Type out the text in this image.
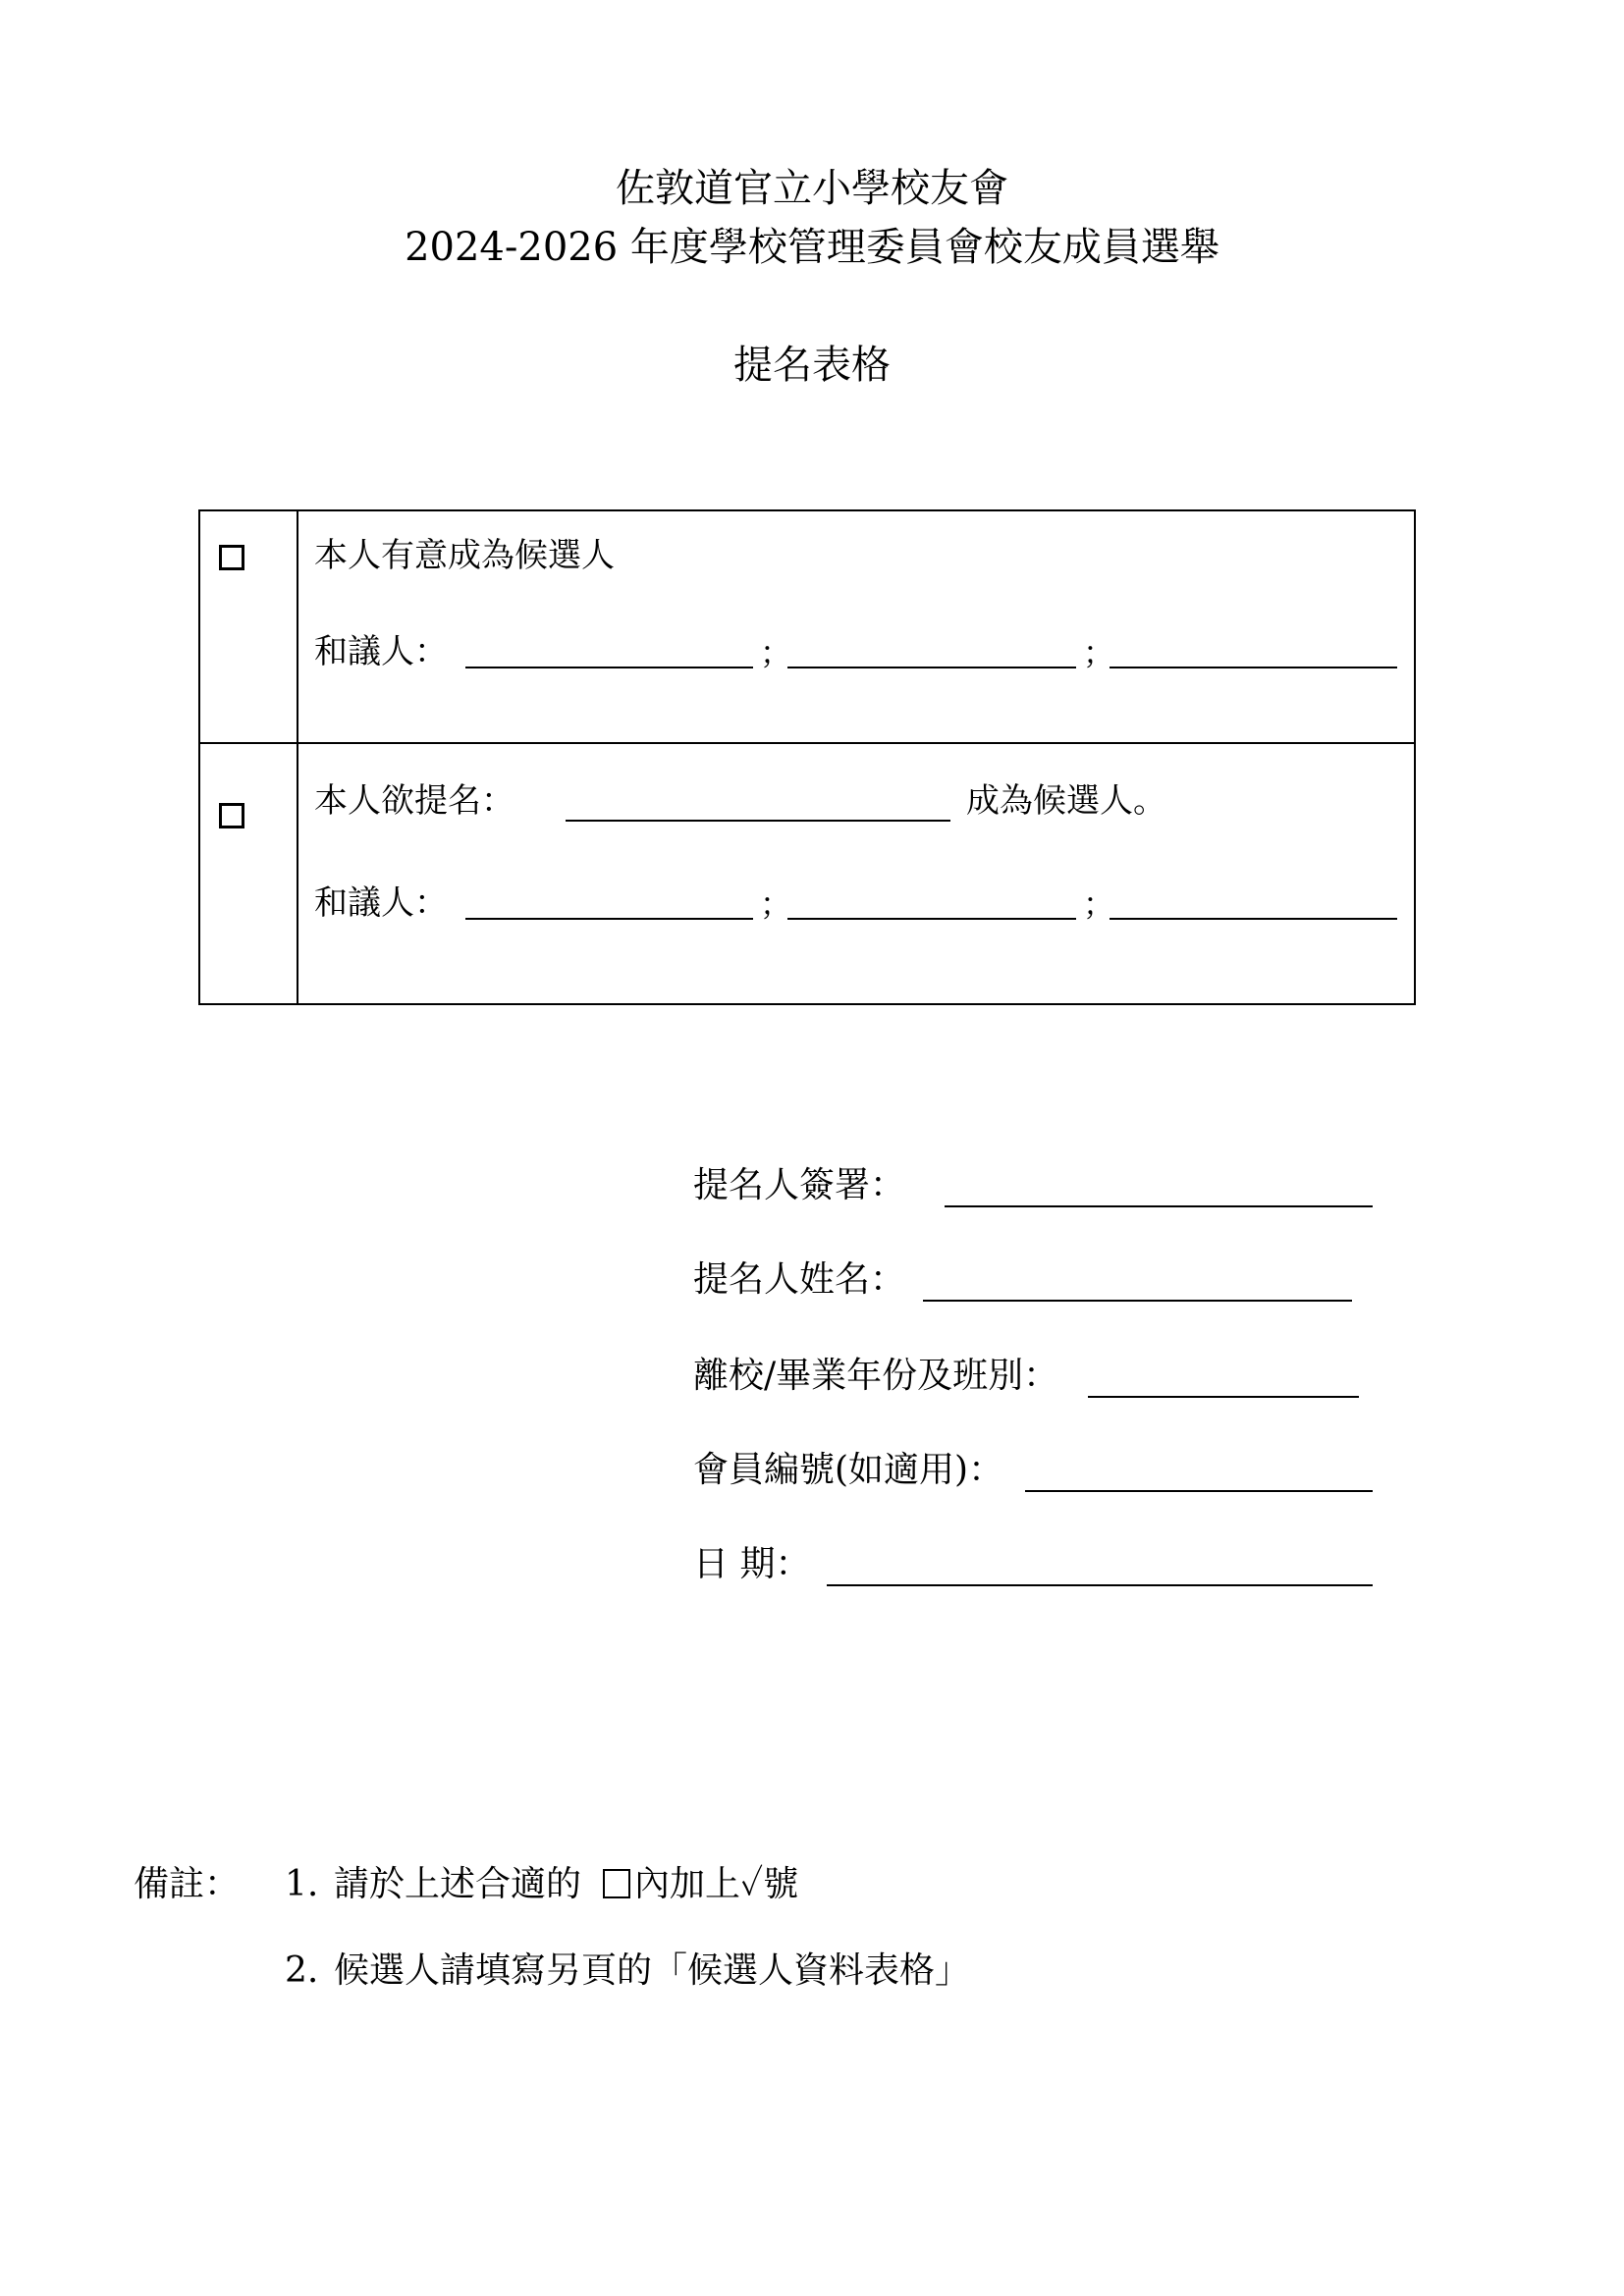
佐敦道官立小學校友會
2024-2026 年度學校管理委員會校友成員選舉
提名表格
本人有意成為候選人
和議人：	；	；
本人欲提名：	成為候選人。
和議人：	；	；
提名人簽署：
提名人姓名：
離校/畢業年份及班別：
會員編號(如適用)：
日 期：
備註： 1. 請於上述合適的 內加上✓號
2. 候選人請填寫另頁的「候選人資料表格」
